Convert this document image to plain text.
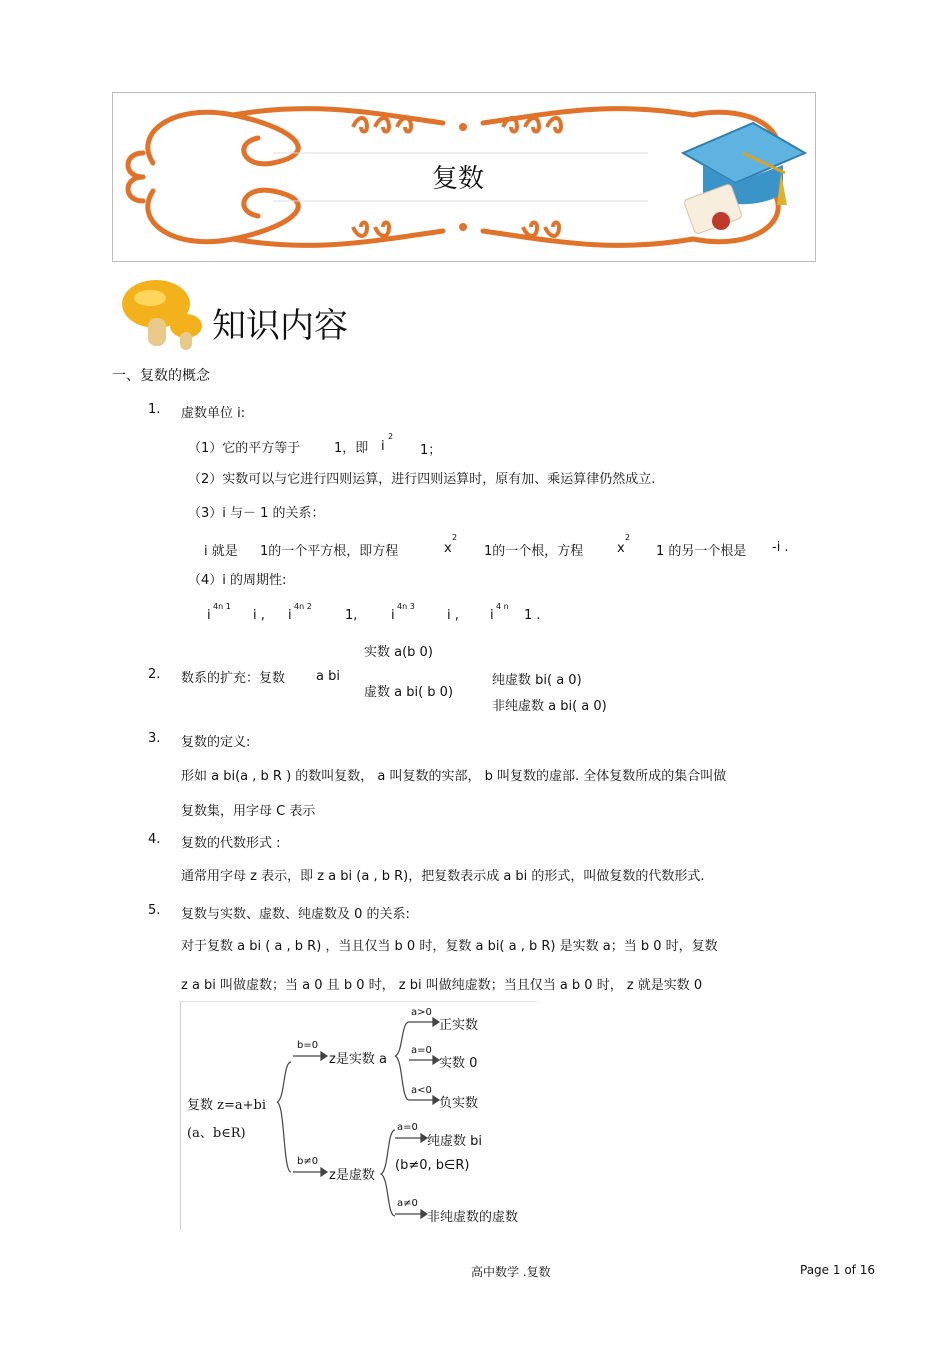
复数
知识内容
一、复数的概念
1. 虚数单位 i:
（1）它的平方等于	1，即 i
2
1；
（2）实数可以与它进行四则运算，进行四则运算时，原有加、乘运算律仍然成立.
（3）i 与－ 1 的关系：
i 就是 1的一个平方根，即方程	x
2
1的一个根，方程	x
2
1 的另一个根是 -i .
（4）i 的周期性:
i
4n 1
i , i
4n 2
1,	i
4n 3
i , i
4 n
1 .
实数 a(b 0)
2. 数系的扩充：复数 a bi
虚数 a bi( b 0)
纯虚数 bi( a 0)
非纯虚数 a bi( a 0)
3. 复数的定义:
形如 a bi(a , b R ) 的数叫复数， a 叫复数的实部， b 叫复数的虚部. 全体复数所成的集合叫做
复数集，用字母 C 表示
4. 复数的代数形式 :
通常用字母 z 表示，即 z a bi (a , b R)，把复数表示成 a bi 的形式，叫做复数的代数形式.
5. 复数与实数、虚数、纯虚数及 0 的关系:
对于复数 a bi ( a , b R) ，当且仅当 b 0 时，复数 a bi( a , b R) 是实数 a；当 b 0 时，复数
z a bi 叫做虚数；当 a 0 且 b 0 时， z bi 叫做纯虚数；当且仅当 a b 0 时， z 就是实数 0
复数 z=a+bi
(a、b∈R)
b=0
b≠0
z是实数 a
z是虚数
a>0
a=0
a<0
正实数
实数 0
负实数
a=0
纯虚数 bi
(b≠0, b∈R)
a≠0
非纯虚数的虚数
高中数学 .复数	Page 1 of 16
